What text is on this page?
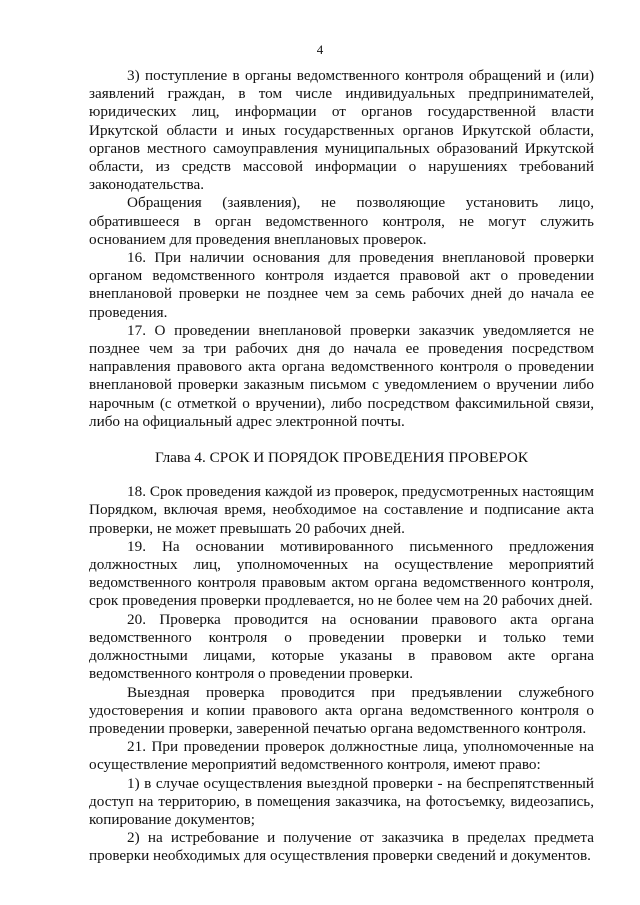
4

3) поступление в органы ведомственного контроля обращений и (или) заявлений граждан, в том числе индивидуальных предпринимателей, юридических лиц, информации от органов государственной власти Иркутской области и иных государственных органов Иркутской области, органов местного самоуправления муниципальных образований Иркутской области, из средств массовой информации о нарушениях требований законодательства.

Обращения (заявления), не позволяющие установить лицо, обратившееся в орган ведомственного контроля, не могут служить основанием для проведения внеплановых проверок.

16. При наличии основания для проведения внеплановой проверки органом ведомственного контроля издается правовой акт о проведении внеплановой проверки не позднее чем за семь рабочих дней до начала ее проведения.

17. О проведении внеплановой проверки заказчик уведомляется не позднее чем за три рабочих дня до начала ее проведения посредством направления правового акта органа ведомственного контроля о проведении внеплановой проверки заказным письмом с уведомлением о вручении либо нарочным (с отметкой о вручении), либо посредством факсимильной связи, либо на официальный адрес электронной почты.

Глава 4. СРОК И ПОРЯДОК ПРОВЕДЕНИЯ ПРОВЕРОК

18. Срок проведения каждой из проверок, предусмотренных настоящим Порядком, включая время, необходимое на составление и подписание акта проверки, не может превышать 20 рабочих дней.

19. На основании мотивированного письменного предложения должностных лиц, уполномоченных на осуществление мероприятий ведомственного контроля правовым актом органа ведомственного контроля, срок проведения проверки продлевается, но не более чем на 20 рабочих дней.

20. Проверка проводится на основании правового акта органа ведомственного контроля о проведении проверки и только теми должностными лицами, которые указаны в правовом акте органа ведомственного контроля о проведении проверки.

Выездная проверка проводится при предъявлении служебного удостоверения и копии правового акта органа ведомственного контроля о проведении проверки, заверенной печатью органа ведомственного контроля.

21. При проведении проверок должностные лица, уполномоченные на осуществление мероприятий ведомственного контроля, имеют право:

1) в случае осуществления выездной проверки - на беспрепятственный доступ на территорию, в помещения заказчика, на фотосъемку, видеозапись, копирование документов;

2) на истребование и получение от заказчика в пределах предмета проверки необходимых для осуществления проверки сведений и документов.
